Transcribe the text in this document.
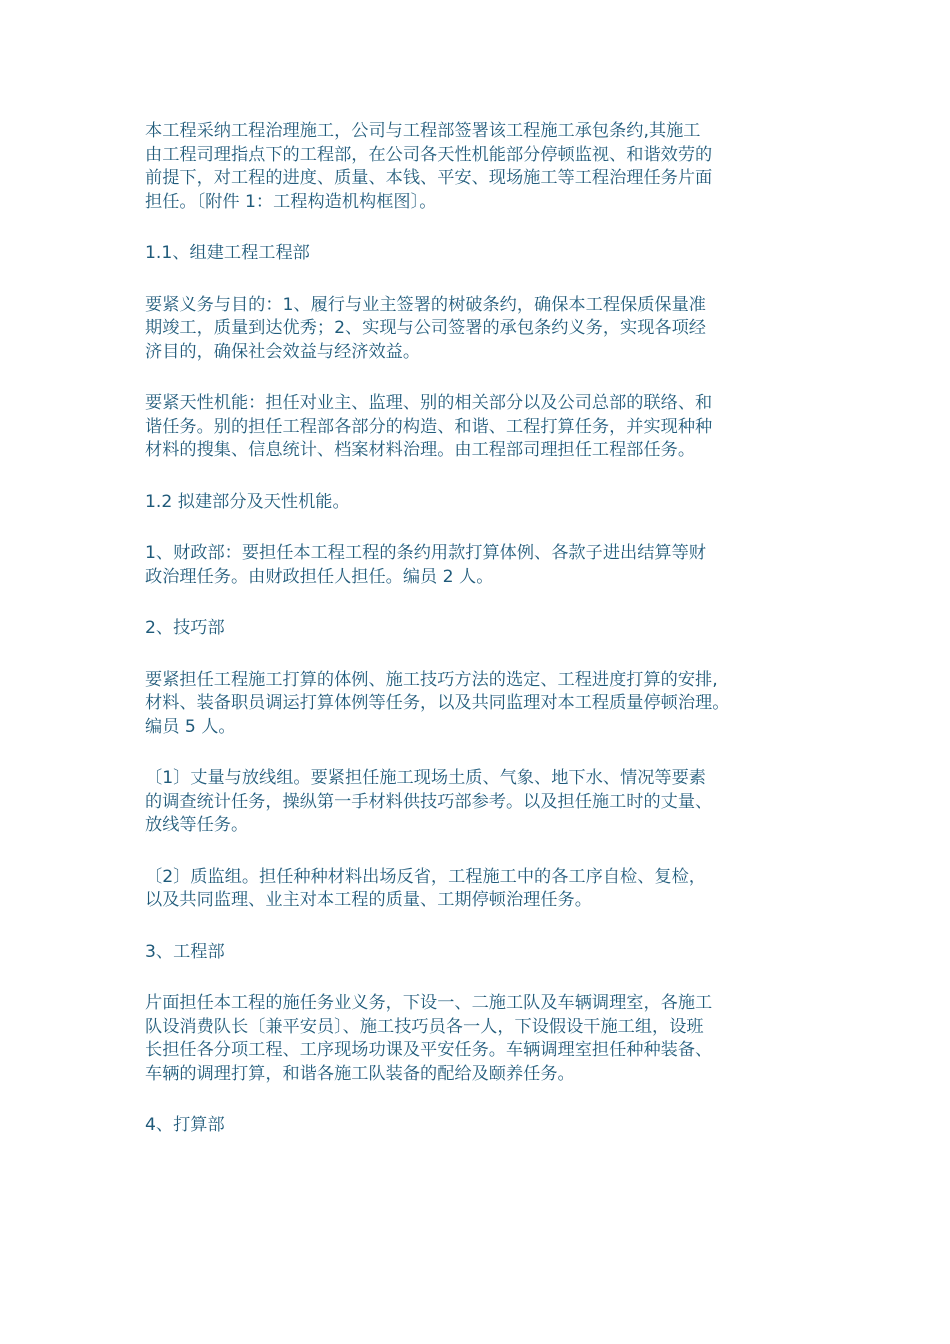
本工程采纳工程治理施工，公司与工程部签署该工程施工承包条约,其施工
由工程司理指点下的工程部，在公司各天性机能部分停顿监视、和谐效劳的
前提下，对工程的进度、质量、本钱、平安、现场施工等工程治理任务片面
担任。〔附件 1：工程构造机构框图〕。

1.1、组建工程工程部

要紧义务与目的：1、履行与业主签署的树破条约，确保本工程保质保量准
期竣工，质量到达优秀；2、实现与公司签署的承包条约义务，实现各项经
济目的，确保社会效益与经济效益。

要紧天性机能：担任对业主、监理、别的相关部分以及公司总部的联络、和
谐任务。别的担任工程部各部分的构造、和谐、工程打算任务，并实现种种
材料的搜集、信息统计、档案材料治理。由工程部司理担任工程部任务。

1.2 拟建部分及天性机能。

1、财政部：要担任本工程工程的条约用款打算体例、各款子进出结算等财
政治理任务。由财政担任人担任。编员 2 人。

2、技巧部

要紧担任工程施工打算的体例、施工技巧方法的选定、工程进度打算的安排,
材料、装备职员调运打算体例等任务，以及共同监理对本工程质量停顿治理。
编员 5 人。

〔1〕丈量与放线组。要紧担任施工现场土质、气象、地下水、情况等要素
的调查统计任务，操纵第一手材料供技巧部参考。以及担任施工时的丈量、
放线等任务。

〔2〕质监组。担任种种材料出场反省，工程施工中的各工序自检、复检，
以及共同监理、业主对本工程的质量、工期停顿治理任务。

3、工程部

片面担任本工程的施任务业义务，下设一、二施工队及车辆调理室，各施工
队设消费队长〔兼平安员〕、施工技巧员各一人，下设假设干施工组，设班
长担任各分项工程、工序现场功课及平安任务。车辆调理室担任种种装备、
车辆的调理打算，和谐各施工队装备的配给及颐养任务。

4、打算部
